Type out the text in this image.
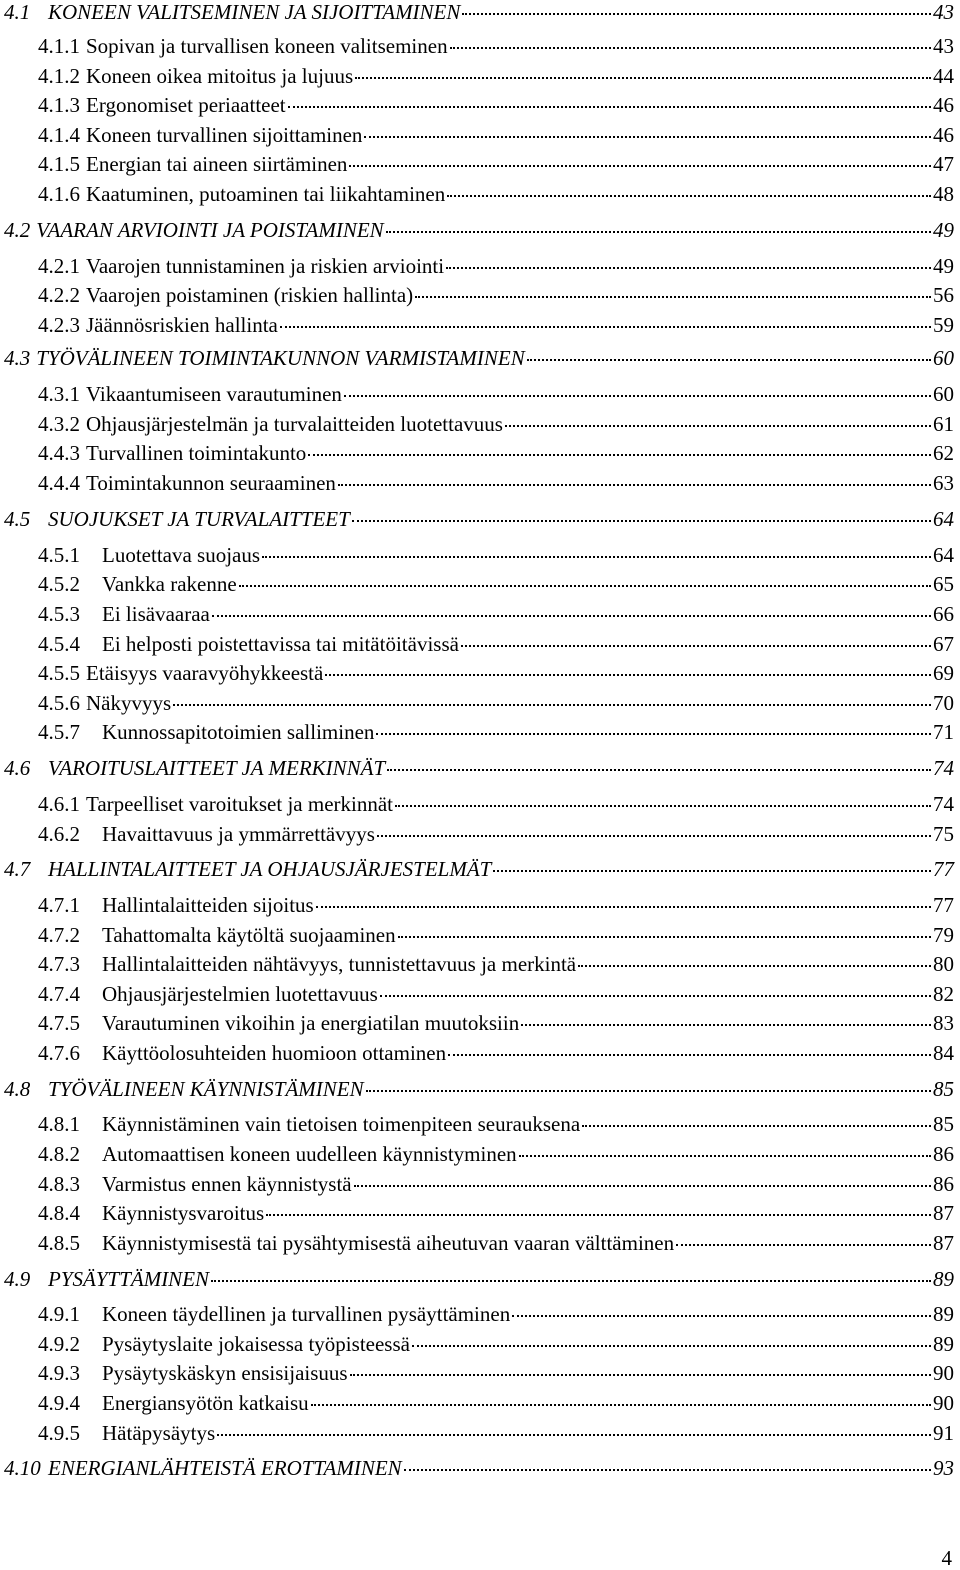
4.1 KONEEN VALITSEMINEN JA SIJOITTAMINEN	43
4.1.1 Sopivan ja turvallisen koneen valitseminen	43
4.1.2 Koneen oikea mitoitus ja lujuus	44
4.1.3 Ergonomiset periaatteet	46
4.1.4 Koneen turvallinen sijoittaminen	46
4.1.5 Energian tai aineen siirtäminen	47
4.1.6 Kaatuminen, putoaminen tai liikahtaminen	48
4.2 VAARAN ARVIOINTI JA POISTAMINEN	49
4.2.1 Vaarojen tunnistaminen ja riskien arviointi	49
4.2.2 Vaarojen poistaminen (riskien hallinta)	56
4.2.3 Jäännösriskien hallinta	59
4.3 TYÖVÄLINEEN TOIMINTAKUNNON VARMISTAMINEN	60
4.3.1 Vikaantumiseen varautuminen	60
4.3.2 Ohjausjärjestelmän ja turvalaitteiden luotettavuus	61
4.4.3 Turvallinen toimintakunto	62
4.4.4 Toimintakunnon seuraaminen	63
4.5 SUOJUKSET JA TURVALAITTEET	64
4.5.1	Luotettava suojaus	64
4.5.2	Vankka rakenne	65
4.5.3	Ei lisävaaraa	66
4.5.4	Ei helposti poistettavissa tai mitätöitävissä	67
4.5.5 Etäisyys vaaravyöhykkeestä	69
4.5.6 Näkyvyys	70
4.5.7	Kunnossapitotoimien salliminen	71
4.6 VAROITUSLAITTEET JA MERKINNÄT	74
4.6.1 Tarpeelliset varoitukset ja merkinnät	74
4.6.2	Havaittavuus ja ymmärrettävyys	75
4.7 HALLINTALAITTEET JA OHJAUSJÄRJESTELMÄT	77
4.7.1	Hallintalaitteiden sijoitus	77
4.7.2	Tahattomalta käytöltä suojaaminen	79
4.7.3	Hallintalaitteiden nähtävyys, tunnistettavuus ja merkintä	80
4.7.4	Ohjausjärjestelmien luotettavuus	82
4.7.5	Varautuminen vikoihin ja energiatilan muutoksiin	83
4.7.6	Käyttöolosuhteiden huomioon ottaminen	84
4.8 TYÖVÄLINEEN KÄYNNISTÄMINEN	85
4.8.1	Käynnistäminen vain tietoisen toimenpiteen seurauksena	85
4.8.2	Automaattisen koneen uudelleen käynnistyminen	86
4.8.3	Varmistus ennen käynnistystä	86
4.8.4	Käynnistysvaroitus	87
4.8.5	Käynnistymisestä tai pysähtymisestä aiheutuvan vaaran välttäminen	87
4.9 PYSÄYTTÄMINEN	89
4.9.1	Koneen täydellinen ja turvallinen pysäyttäminen	89
4.9.2	Pysäytyslaite jokaisessa työpisteessä	89
4.9.3	Pysäytyskäskyn ensisijaisuus	90
4.9.4	Energiansyötön katkaisu	90
4.9.5	Hätäpysäytys	91
4.10 ENERGIANLÄHTEISTÄ EROTTAMINEN	93
4
